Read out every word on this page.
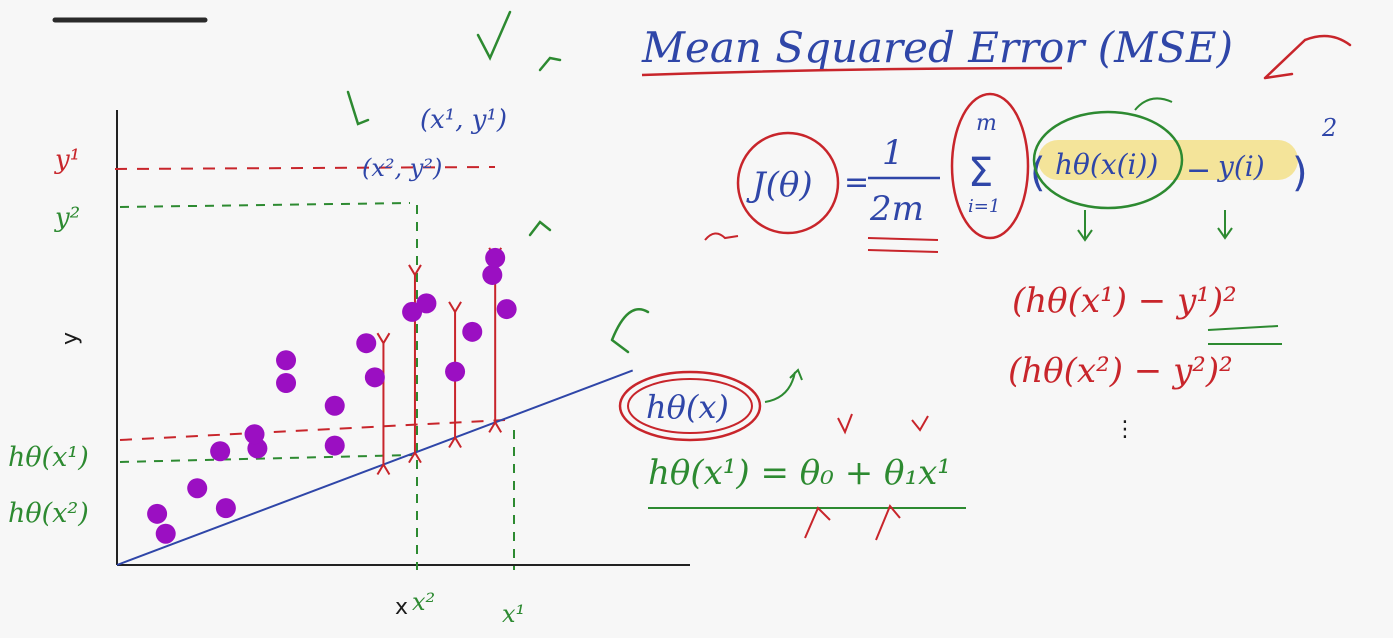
y
x
y¹
y²
hθ(x¹)
hθ(x²)
x²	x¹
(x¹, y¹)
(x², y²)
Mean Squared Error (MSE)
J(θ) =
1
2m
m
Σ
i=1
( hθ(x(i)) − y(i) )
2
(hθ(x¹) − y¹)²
(hθ(x²) − y²)²
⋮
hθ(x)
hθ(x¹) = θ₀ + θ₁x¹
